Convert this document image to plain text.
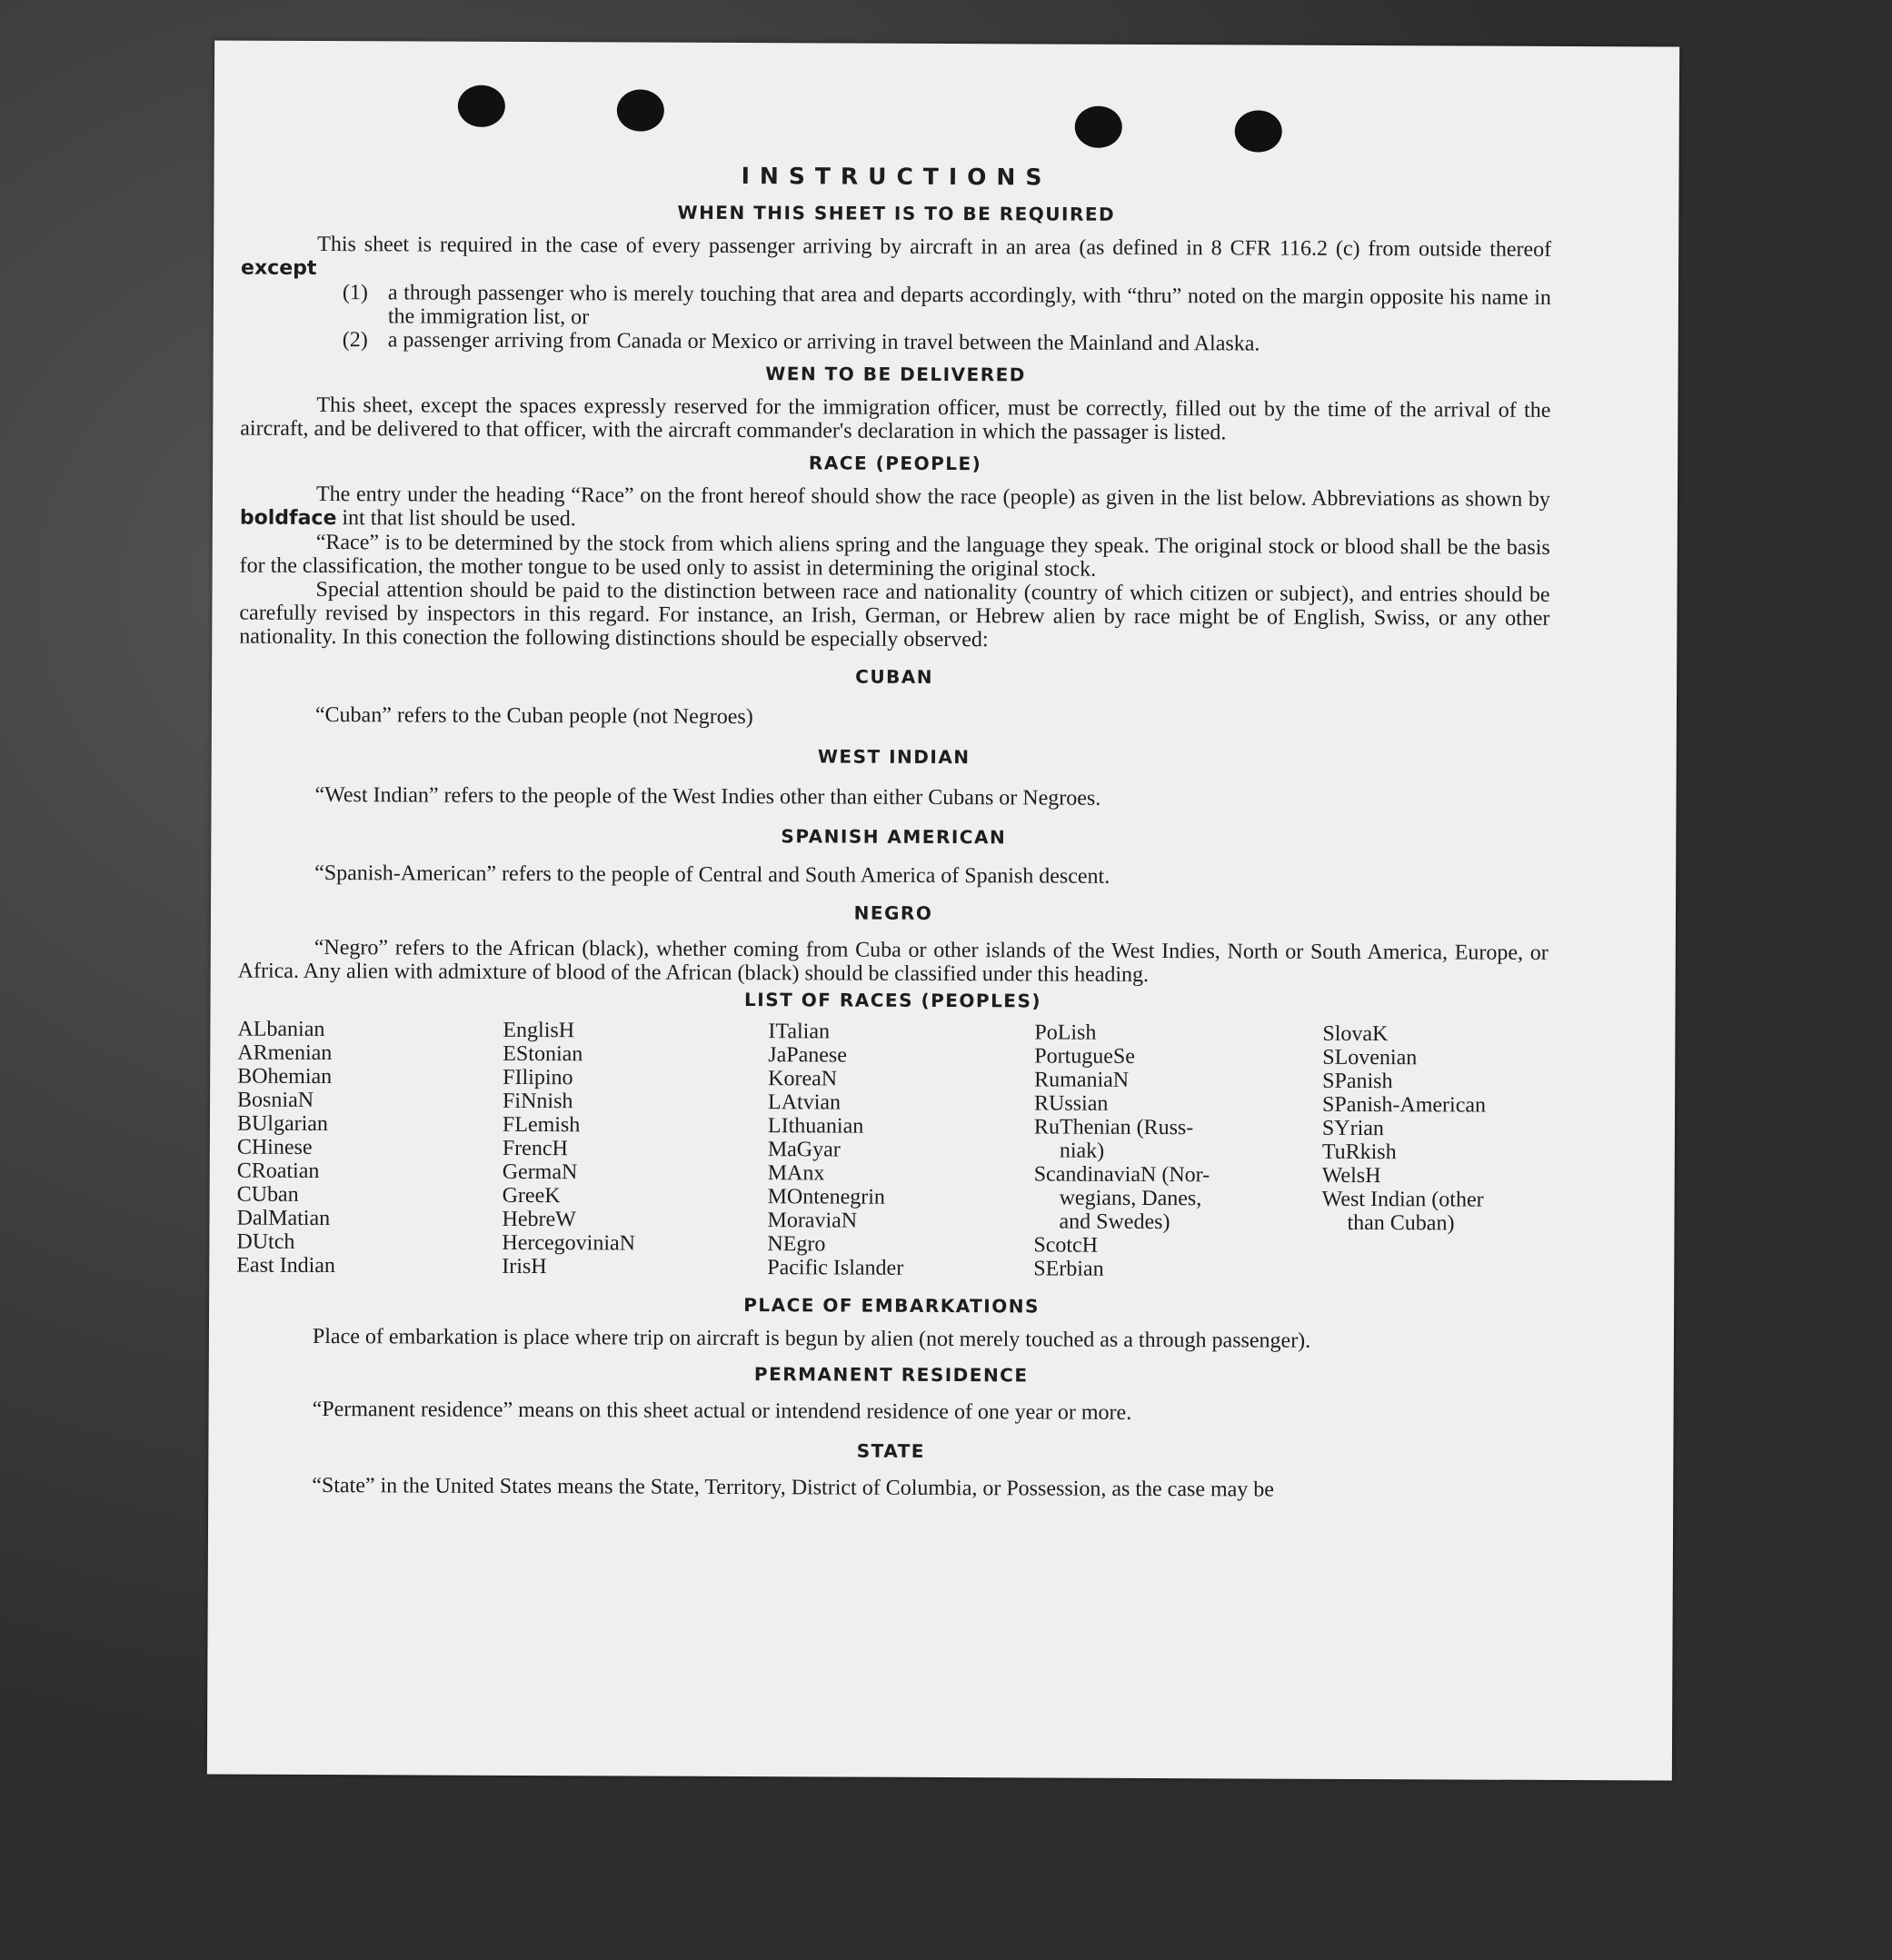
INSTRUCTIONS
WHEN THIS SHEET IS TO BE REQUIRED

This sheet is required in the case of every passenger arriving by aircraft in an area (as defined in 8 CFR 116.2 (c) from outside thereof except

(1) a through passenger who is merely touching that area and departs accordingly, with “thru” noted on the margin opposite his name in the immigration list, or
(2) a passenger arriving from Canada or Mexico or arriving in travel between the Mainland and Alaska.
WEN TO BE DELIVERED

This sheet, except the spaces expressly reserved for the immigration officer, must be correctly, filled out by the time of the arrival of the aircraft, and be delivered to that officer, with the aircraft commander's declaration in which the passager is listed.

RACE (PEOPLE)

The entry under the heading “Race” on the front hereof should show the race (people) as given in the list below. Abbreviations as shown by boldface int that list should be used.

“Race” is to be determined by the stock from which aliens spring and the language they speak. The original stock or blood shall be the basis for the classification, the mother tongue to be used only to assist in determining the original stock.

Special attention should be paid to the distinction between race and nationality (country of which citizen or subject), and entries should be carefully revised by inspectors in this regard. For instance, an Irish, German, or Hebrew alien by race might be of English, Swiss, or any other nationality. In this conection the following distinctions should be especially observed:

CUBAN

“Cuban” refers to the Cuban people (not Negroes)

WEST INDIAN

“West Indian” refers to the people of the West Indies other than either Cubans or Negroes.

SPANISH AMERICAN

“Spanish-American” refers to the people of Central and South America of Spanish descent.

NEGRO

“Negro” refers to the African (black), whether coming from Cuba or other islands of the West Indies, North or South America, Europe, or Africa. Any alien with admixture of blood of the African (black) should be classified under this heading.

LIST OF RACES (PEOPLES)
ALbanian
ARmenian
BOhemian
BosniaN
BUlgarian
CHinese
CRoatian
CUban
DalMatian
DUtch
East Indian
EnglisH
EStonian
FIlipino
FiNnish
FLemish
FrencH
GermaN
GreeK
HebreW
HercegoviniaN
IrisH
ITalian
JaPanese
KoreaN
LAtvian
LIthuanian
MaGyar
MAnx
MOntenegrin
MoraviaN
NEgro
Pacific Islander
PoLish
PortugueSe
RumaniaN
RUssian
RuThenian (Russ-
niak)
ScandinaviaN (Nor-
wegians, Danes,
and Swedes)
ScotcH
SErbian
SlovaK
SLovenian
SPanish
SPanish-American
SYrian
TuRkish
WelsH
West Indian (other
than Cuban)
PLACE OF EMBARKATIONS

Place of embarkation is place where trip on aircraft is begun by alien (not merely touched as a through passenger).

PERMANENT RESIDENCE

“Permanent residence” means on this sheet actual or intendend residence of one year or more.

STATE

“State” in the United States means the State, Territory, District of Columbia, or Possession, as the case may be
